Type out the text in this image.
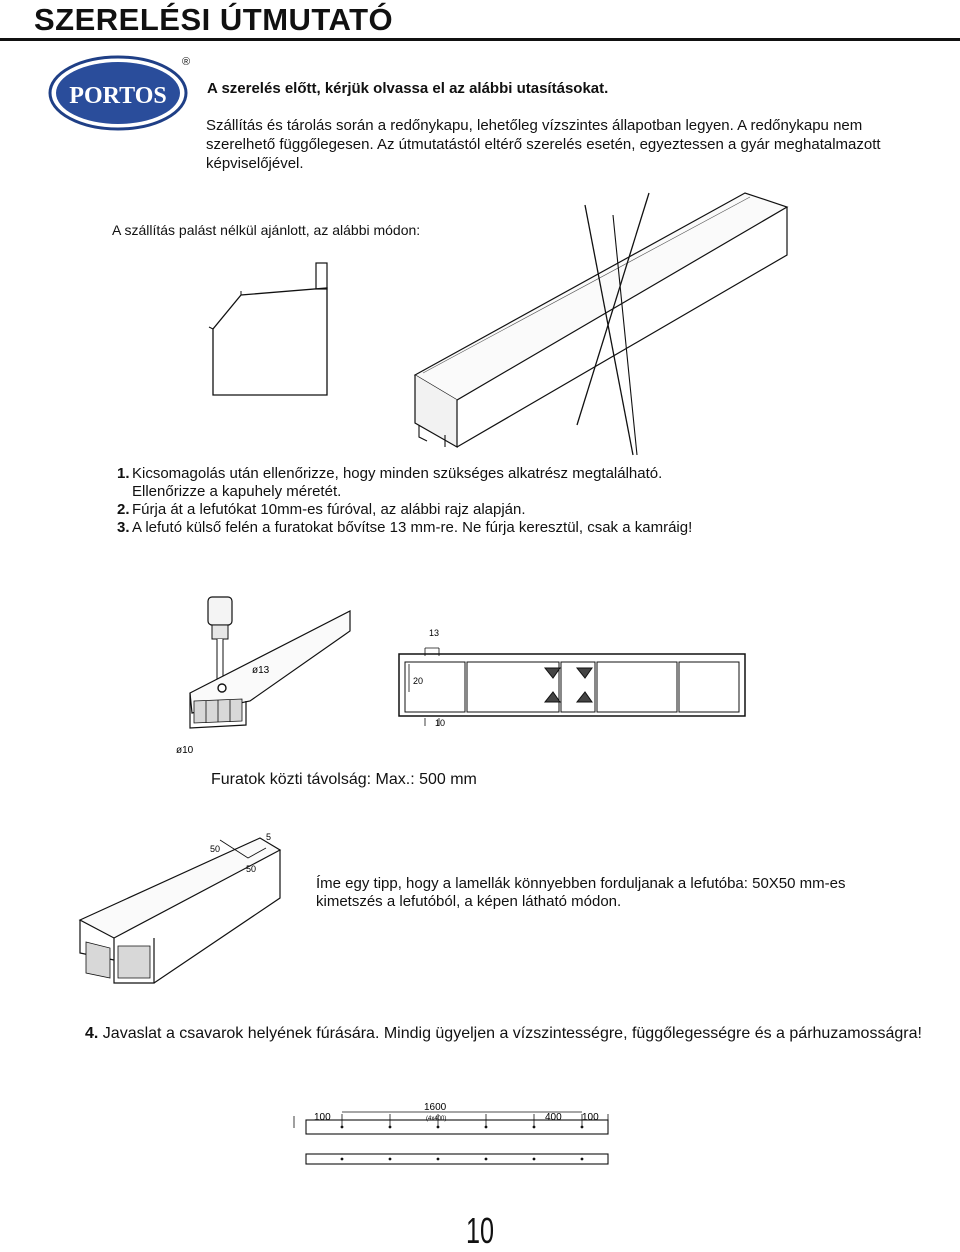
SZERELÉSI ÚTMUTATÓ
PORTOS
®
A szerelés előtt, kérjük olvassa el az alábbi utasításokat.
Szállítás és tárolás során a redőnykapu, lehetőleg vízszintes állapotban legyen. A redőnykapu nem szerelhető függőlegesen. Az útmutatástól eltérő szerelés esetén, egyeztessen a gyár meghatalmazott képviselőjével.
A szállítás palást nélkül ajánlott, az alábbi módon:
1. Kicsomagolás után ellenőrizze, hogy minden szükséges alkatrész megtalálható.
Ellenőrizze a kapuhely méretét.
2. Fúrja át a lefutókat 10mm-es fúróval, az alábbi rajz alapján.
3. A lefutó külső felén a furatokat bővítse 13 mm-re. Ne fúrja keresztül, csak a kamráig!
ø13
ø10
13
20
10
Furatok közti távolság: Max.: 500 mm
50
50
5
Íme egy tipp, hogy a lamellák könnyebben forduljanak a lefutóba: 50X50 mm-es kimetszés a lefutóból, a képen látható módon.
4. Javaslat a csavarok helyének fúrására. Mindig ügyeljen a vízszintességre, függőlegességre és a párhuzamosságra!
100
1600
(4x400)	400 100
10
